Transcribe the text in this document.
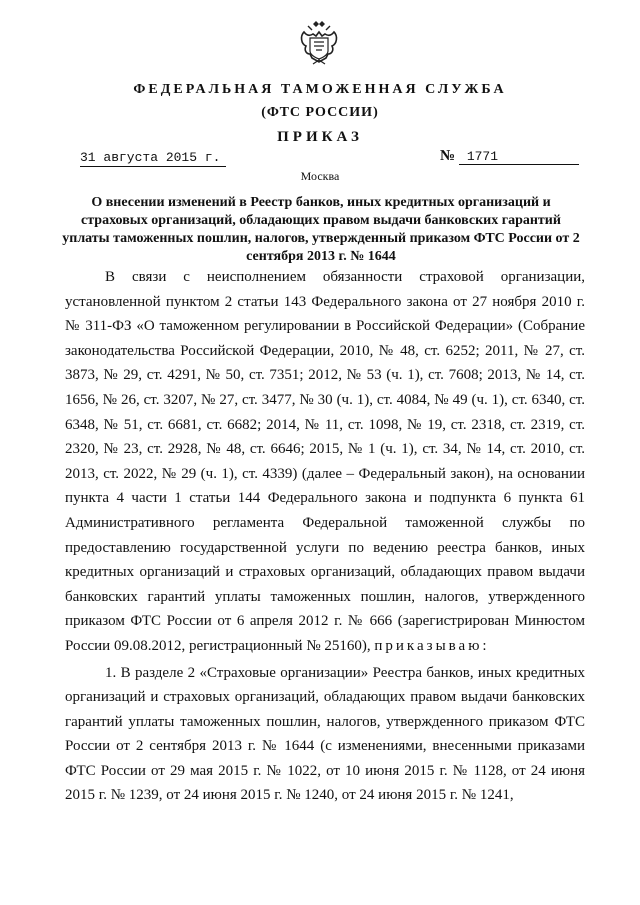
ФЕДЕРАЛЬНАЯ ТАМОЖЕННАЯ СЛУЖБА
(ФТС РОССИИ)
ПРИКАЗ
31 августа 2015 г.	№ 1771
Москва
О внесении изменений в Реестр банков, иных кредитных организаций и страховых организаций, обладающих правом выдачи банковских гарантий уплаты таможенных пошлин, налогов, утвержденный приказом ФТС России от 2 сентября 2013 г. № 1644

В связи с неисполнением обязанности страховой организации, установленной пунктом 2 статьи 143 Федерального закона от 27 ноября 2010 г. № 311-ФЗ «О таможенном регулировании в Российской Федерации» (Собрание законодательства Российской Федерации, 2010, № 48, ст. 6252; 2011, № 27, ст. 3873, № 29, ст. 4291, № 50, ст. 7351; 2012, № 53 (ч. 1), ст. 7608; 2013, № 14, ст. 1656, № 26, ст. 3207, № 27, ст. 3477, № 30 (ч. 1), ст. 4084, № 49 (ч. 1), ст. 6340, ст. 6348, № 51, ст. 6681, ст. 6682; 2014, № 11, ст. 1098, № 19, ст. 2318, ст. 2319, ст. 2320, № 23, ст. 2928, № 48, ст. 6646; 2015, № 1 (ч. 1), ст. 34, № 14, ст. 2010, ст. 2013, ст. 2022, № 29 (ч. 1), ст. 4339) (далее – Федеральный закон), на основании пункта 4 части 1 статьи 144 Федерального закона и подпункта 6 пункта 61 Административного регламента Федеральной таможенной службы по предоставлению государственной услуги по ведению реестра банков, иных кредитных организаций и страховых организаций, обладающих правом выдачи банковских гарантий уплаты таможенных пошлин, налогов, утвержденного приказом ФТС России от 6 апреля 2012 г. № 666 (зарегистрирован Минюстом России 09.08.2012, регистрационный № 25160), приказываю:

1. В разделе 2 «Страховые организации» Реестра банков, иных кредитных организаций и страховых организаций, обладающих правом выдачи банковских гарантий уплаты таможенных пошлин, налогов, утвержденного приказом ФТС России от 2 сентября 2013 г. № 1644 (с изменениями, внесенными приказами ФТС России от 29 мая 2015 г. № 1022, от 10 июня 2015 г. № 1128, от 24 июня 2015 г. № 1239, от 24 июня 2015 г. № 1240, от 24 июня 2015 г. № 1241,
